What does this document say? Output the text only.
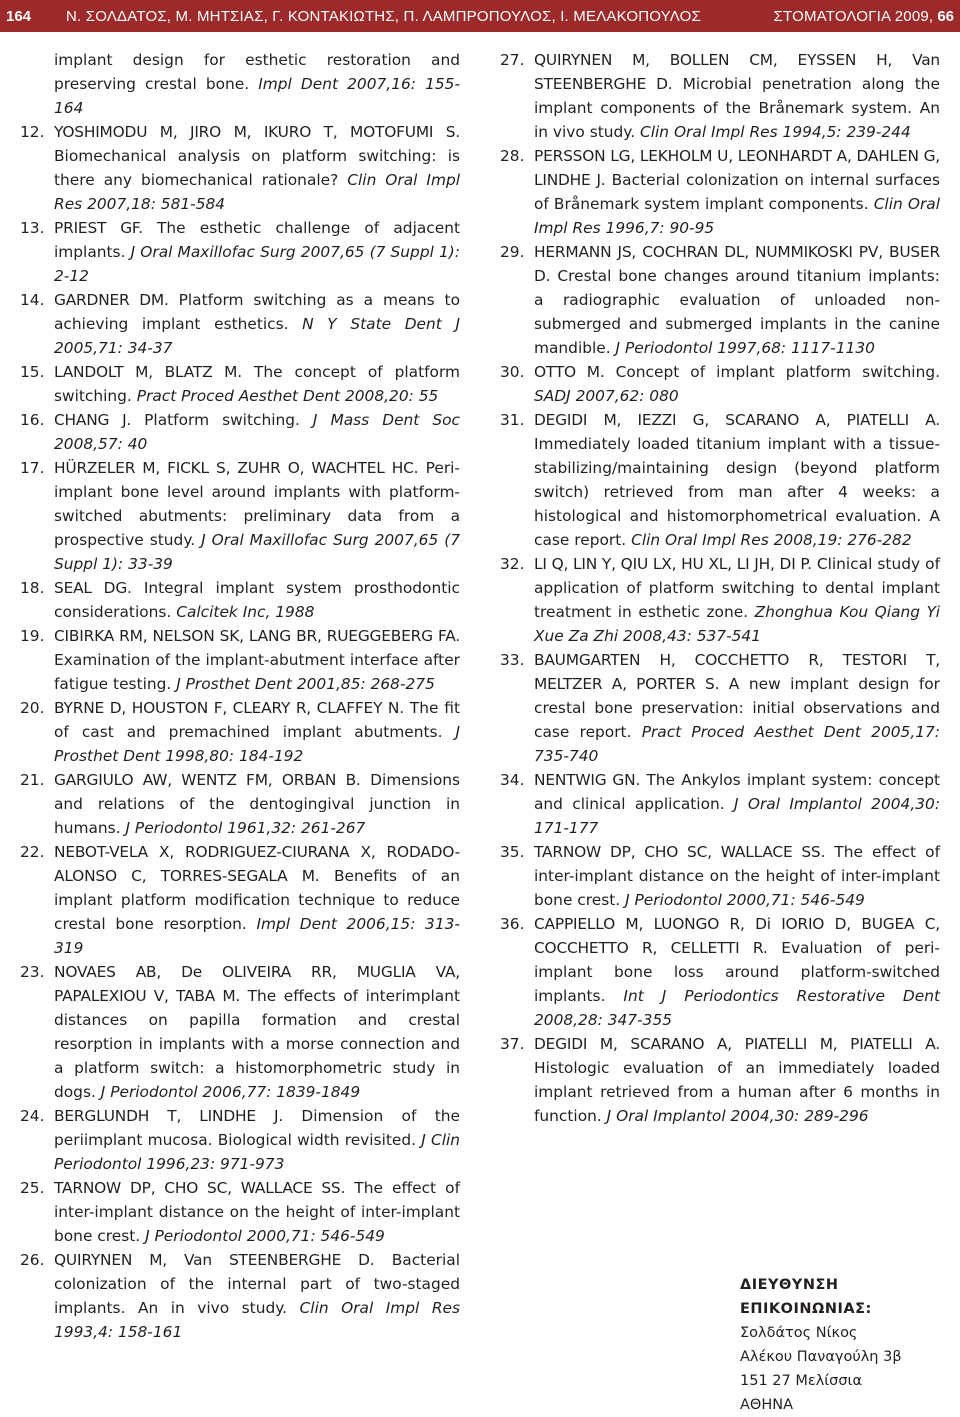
164	Ν. ΣΟΛΔΑΤΟΣ, Μ. ΜΗΤΣΙΑΣ, Γ. ΚΟΝΤΑΚΙΩΤΗΣ, Π. ΛΑΜΠΡΟΠΟΥΛΟΣ, Ι. ΜΕΛΑΚΟΠΟΥΛΟΣ	ΣΤΟΜΑΤΟΛΟΓΙΑ 2009, 66
implant design for esthetic restoration and preserving crestal bone. Impl Dent 2007,16: 155-164
12. YOSHIMODU M, JIRO M, IKURO T, MOTOFUMI S. Biomechanical analysis on platform switching: is there any biomechanical rationale? Clin Oral Impl Res 2007,18: 581-584
13. PRIEST GF. The esthetic challenge of adjacent implants. J Oral Maxillofac Surg 2007,65 (7 Suppl 1): 2-12
14. GARDNER DM. Platform switching as a means to achieving implant esthetics. N Y State Dent J 2005,71: 34-37
15. LANDOLT M, BLATZ M. The concept of platform switching. Pract Proced Aesthet Dent 2008,20: 55
16. CHANG J. Platform switching. J Mass Dent Soc 2008,57: 40
17. HÜRZELER M, FICKL S, ZUHR O, WACHTEL HC. Peri-implant bone level around implants with platform-switched abutments: preliminary data from a prospective study. J Oral Maxillofac Surg 2007,65 (7 Suppl 1): 33-39
18. SEAL DG. Integral implant system prosthodontic considerations. Calcitek Inc, 1988
19. CIBIRKA RM, NELSON SK, LANG BR, RUEGGEBERG FA. Examination of the implant-abutment interface after fatigue testing. J Prosthet Dent 2001,85: 268-275
20. BYRNE D, HOUSTON F, CLEARY R, CLAFFEY N. The fit of cast and premachined implant abutments. J Prosthet Dent 1998,80: 184-192
21. GARGIULO AW, WENTZ FM, ORBAN B. Dimensions and relations of the dentogingival junction in humans. J Periodontol 1961,32: 261-267
22. NEBOT-VELA X, RODRIGUEZ-CIURANA X, RODADO-ALONSO C, TORRES-SEGALA M. Benefits of an implant platform modification technique to reduce crestal bone resorption. Impl Dent 2006,15: 313-319
23. NOVAES AB, De OLIVEIRA RR, MUGLIA VA, PAPALEXIOU V, TABA M. The effects of interimplant distances on papilla formation and crestal resorption in implants with a morse connection and a platform switch: a histomorphometric study in dogs. J Periodontol 2006,77: 1839-1849
24. BERGLUNDH T, LINDHE J. Dimension of the periimplant mucosa. Biological width revisited. J Clin Periodontol 1996,23: 971-973
25. TARNOW DP, CHO SC, WALLACE SS. The effect of inter-implant distance on the height of inter-implant bone crest. J Periodontol 2000,71: 546-549
26. QUIRYNEN M, Van STEENBERGHE D. Bacterial colonization of the internal part of two-staged implants. An in vivo study. Clin Oral Impl Res 1993,4: 158-161
27. QUIRYNEN M, BOLLEN CM, EYSSEN H, Van STEENBERGHE D. Microbial penetration along the implant components of the Brånemark system. An in vivo study. Clin Oral Impl Res 1994,5: 239-244
28. PERSSON LG, LEKHOLM U, LEONHARDT A, DAHLEN G, LINDHE J. Bacterial colonization on internal surfaces of Brånemark system implant components. Clin Oral Impl Res 1996,7: 90-95
29. HERMANN JS, COCHRAN DL, NUMMIKOSKI PV, BUSER D. Crestal bone changes around titanium implants: a radiographic evaluation of unloaded non-submerged and submerged implants in the canine mandible. J Periodontol 1997,68: 1117-1130
30. OTTO M. Concept of implant platform switching. SADJ 2007,62: 080
31. DEGIDI M, IEZZI G, SCARANO A, PIATELLI A. Immediately loaded titanium implant with a tissue-stabilizing/maintaining design (beyond platform switch) retrieved from man after 4 weeks: a histological and histomorphometrical evaluation. A case report. Clin Oral Impl Res 2008,19: 276-282
32. LI Q, LIN Y, QIU LX, HU XL, LI JH, DI P. Clinical study of application of platform switching to dental implant treatment in esthetic zone. Zhonghua Kou Qiang Yi Xue Za Zhi 2008,43: 537-541
33. BAUMGARTEN H, COCCHETTO R, TESTORI T, MELTZER A, PORTER S. A new implant design for crestal bone preservation: initial observations and case report. Pract Proced Aesthet Dent 2005,17: 735-740
34. NENTWIG GN. The Ankylos implant system: concept and clinical application. J Oral Implantol 2004,30: 171-177
35. TARNOW DP, CHO SC, WALLACE SS. The effect of inter-implant distance on the height of inter-implant bone crest. J Periodontol 2000,71: 546-549
36. CAPPIELLO M, LUONGO R, Di IORIO D, BUGEA C, COCCHETTO R, CELLETTI R. Evaluation of peri-implant bone loss around platform-switched implants. Int J Periodontics Restorative Dent 2008,28: 347-355
37. DEGIDI M, SCARANO A, PIATELLI M, PIATELLI A. Histologic evaluation of an immediately loaded implant retrieved from a human after 6 months in function. J Oral Implantol 2004,30: 289-296
ΔΙΕΥΘΥΝΣΗ ΕΠΙΚΟΙΝΩΝΙΑΣ:
Σολδάτος Νίκος
Αλέκου Παναγούλη 3β
151 27 Μελίσσια
ΑΘΗΝΑ
